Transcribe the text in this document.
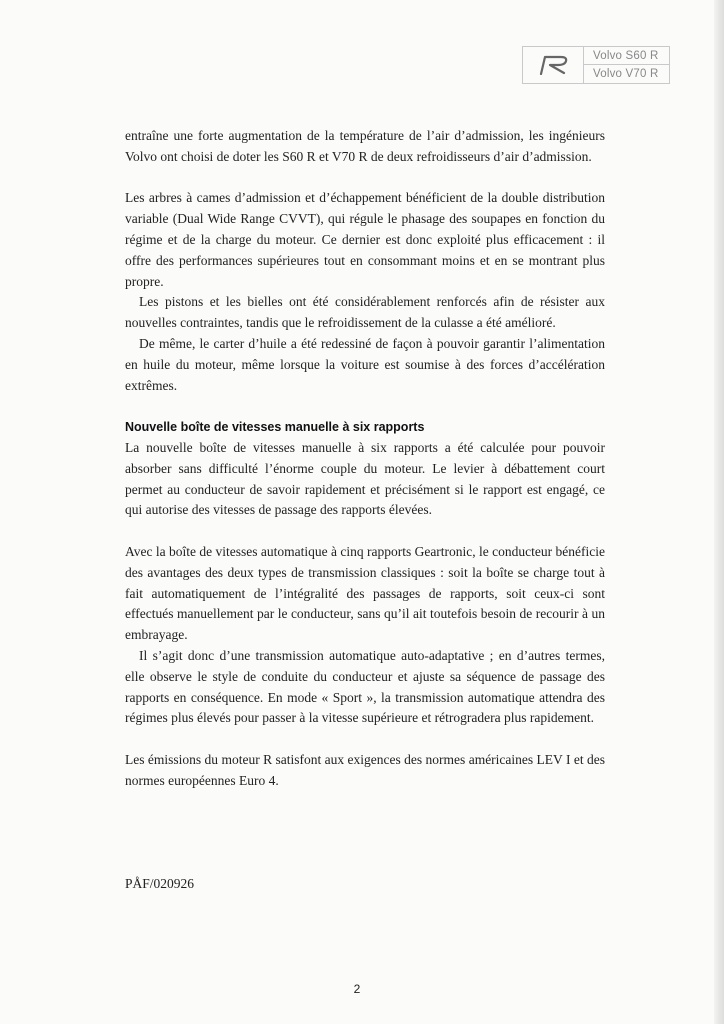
Volvo S60 R
Volvo V70 R

entraîne une forte augmentation de la température de l’air d’admission, les ingénieurs Volvo ont choisi de doter les S60 R et V70 R de deux refroidisseurs d’air d’admission.

Les arbres à cames d’admission et d’échappement bénéficient de la double distribution variable (Dual Wide Range CVVT), qui régule le phasage des soupapes en fonction du régime et de la charge du moteur. Ce dernier est donc exploité plus efficacement : il offre des performances supérieures tout en consommant moins et en se montrant plus propre.

Les pistons et les bielles ont été considérablement renforcés afin de résister aux nouvelles contraintes, tandis que le refroidissement de la culasse a été amélioré.

De même, le carter d’huile a été redessiné de façon à pouvoir garantir l’alimentation en huile du moteur, même lorsque la voiture est soumise à des forces d’accélération extrêmes.

Nouvelle boîte de vitesses manuelle à six rapports

La nouvelle boîte de vitesses manuelle à six rapports a été calculée pour pouvoir absorber sans difficulté l’énorme couple du moteur. Le levier à débattement court permet au conducteur de savoir rapidement et précisément si le rapport est engagé, ce qui autorise des vitesses de passage des rapports élevées.

Avec la boîte de vitesses automatique à cinq rapports Geartronic, le conducteur bénéficie des avantages des deux types de transmission classiques : soit la boîte se charge tout à fait automatiquement de l’intégralité des passages de rapports, soit ceux-ci sont effectués manuellement par le conducteur, sans qu’il ait toutefois besoin de recourir à un embrayage.

Il s’agit donc d’une transmission automatique auto-adaptative ; en d’autres termes, elle observe le style de conduite du conducteur et ajuste sa séquence de passage des rapports en conséquence. En mode « Sport », la transmission automatique attendra des régimes plus élevés pour passer à la vitesse supérieure et rétrogradera plus rapidement.

Les émissions du moteur R satisfont aux exigences des normes américaines LEV I et des normes européennes Euro 4.

PÅF/020926
2
